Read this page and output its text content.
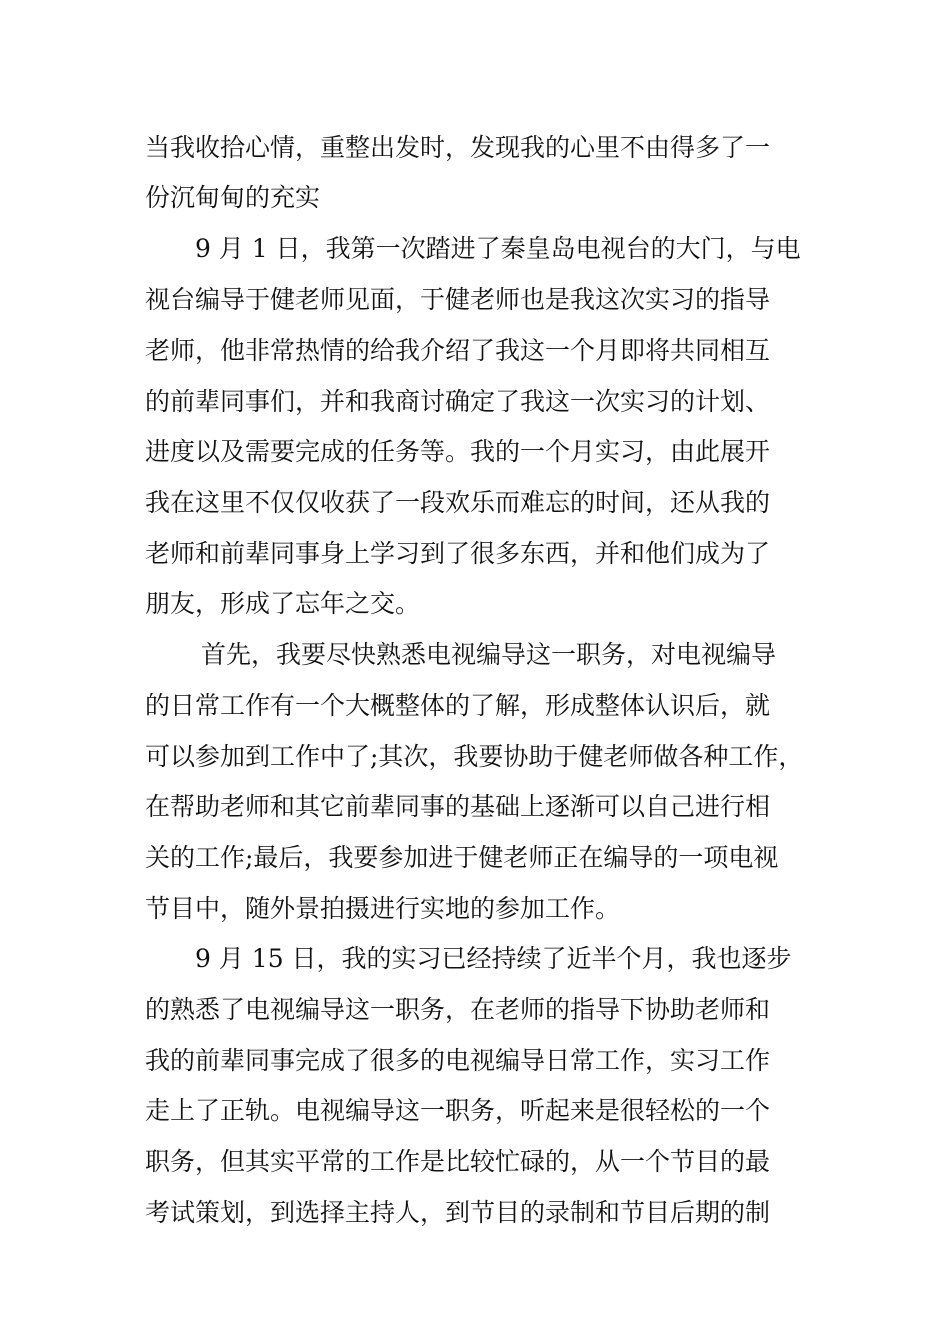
当我收拾心情，重整出发时，发现我的心里不由得多了一

份沉甸甸的充实

9 月 1 日，我第一次踏进了秦皇岛电视台的大门，与电

视台编导于健老师见面，于健老师也是我这次实习的指导

老师，他非常热情的给我介绍了我这一个月即将共同相互

的前辈同事们，并和我商讨确定了我这一次实习的计划、

进度以及需要完成的任务等。我的一个月实习，由此展开

我在这里不仅仅收获了一段欢乐而难忘的时间，还从我的

老师和前辈同事身上学习到了很多东西，并和他们成为了

朋友，形成了忘年之交。

首先，我要尽快熟悉电视编导这一职务，对电视编导

的日常工作有一个大概整体的了解，形成整体认识后，就

可以参加到工作中了;其次，我要协助于健老师做各种工作，

在帮助老师和其它前辈同事的基础上逐渐可以自己进行相

关的工作;最后，我要参加进于健老师正在编导的一项电视

节目中，随外景拍摄进行实地的参加工作。

9 月 15 日，我的实习已经持续了近半个月，我也逐步

的熟悉了电视编导这一职务，在老师的指导下协助老师和

我的前辈同事完成了很多的电视编导日常工作，实习工作

走上了正轨。电视编导这一职务，听起来是很轻松的一个

职务，但其实平常的工作是比较忙碌的，从一个节目的最

考试策划，到选择主持人，到节目的录制和节目后期的制
